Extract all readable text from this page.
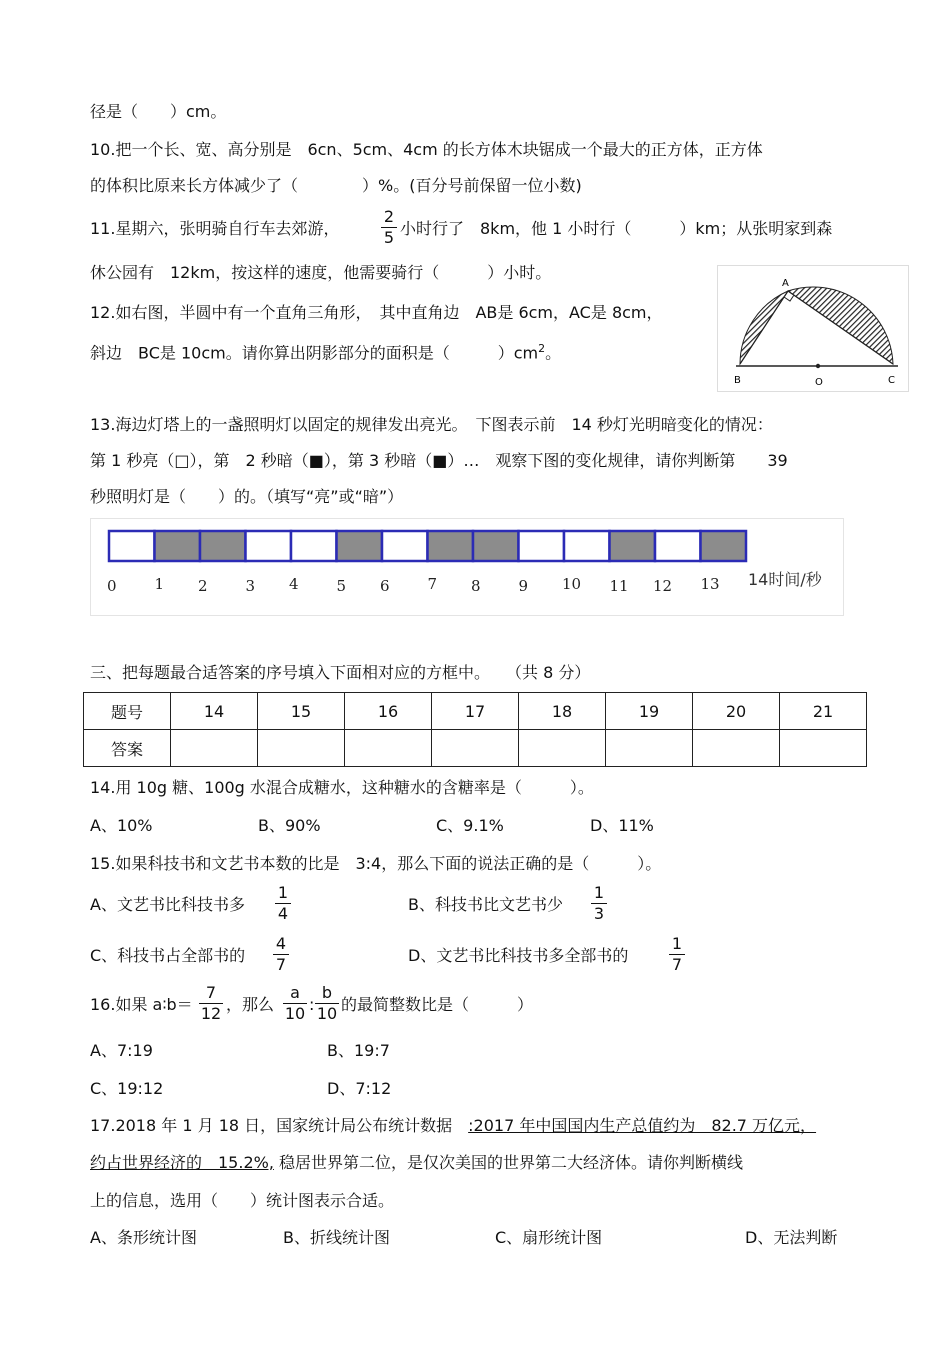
径是（　　）cm。
10.把一个长、宽、高分别是　6cn、5cm、4cm 的长方体木块锯成一个最大的正方体，正方体
的体积比原来长方体减少了（　　　　）%。(百分号前保留一位小数)
11.星期六，张明骑自行车去郊游，
2
5 小时行了　8km，他 1 小时行（　　　）km；从张明家到森
休公园有　12km，按这样的速度，他需要骑行（　　　）小时。
12.如右图，半圆中有一个直角三角形，　其中直角边　AB是 6cm，AC是 8cm，
斜边　BC是 10cm。请你算出阴影部分的面积是（　　　）$cm^2$。
A
B	O	C
13.海边灯塔上的一盏照明灯以固定的规律发出亮光。　下图表示前　14 秒灯光明暗变化的情况：
第 1 秒亮（□），第　2 秒暗（■），第 3 秒暗（■）…　观察下图的变化规律，请你判断第　　39
秒照明灯是（　　）的。（填写“亮”或“暗”）
0	1 2	3 4	5 6	7 8	9 10 11 12 13 14时间/秒
三、把每题最合适答案的序号填入下面相对应的方框中。　　（共 8 分）
题号	14	15	16	17	18	19	20	21
答案								
14.用 10g 糖、100g 水混合成糖水，这种糖水的含糖率是（　　　）。
A、10%	B、90%	C、9.1%	D、11%
15.如果科技书和文艺书本数的比是　3:4，那么下面的说法正确的是（　　　）。
A、文艺书比科技书多
1
4	B、科技书比文艺书少
1
3
C、科技书占全部书的
4
7	D、文艺书比科技书多全部书的
1
7
16.如果 a∶b＝
7
12 ，那么
a
10 :
b
10 的最简整数比是（　　　）
A、7:19	B、19:7
C、19:12	D、7:12
17.2018 年 1 月 18 日，国家统计局公布统计数据　:2017 年中国国内生产总值约为　82.7 万亿元，
约占世界经济的　15.2%, 稳居世界第二位，是仅次美国的世界第二大经济体。请你判断横线
上的信息，选用（　　）统计图表示合适。
A、条形统计图	B、折线统计图	C、扇形统计图	D、无法判断
